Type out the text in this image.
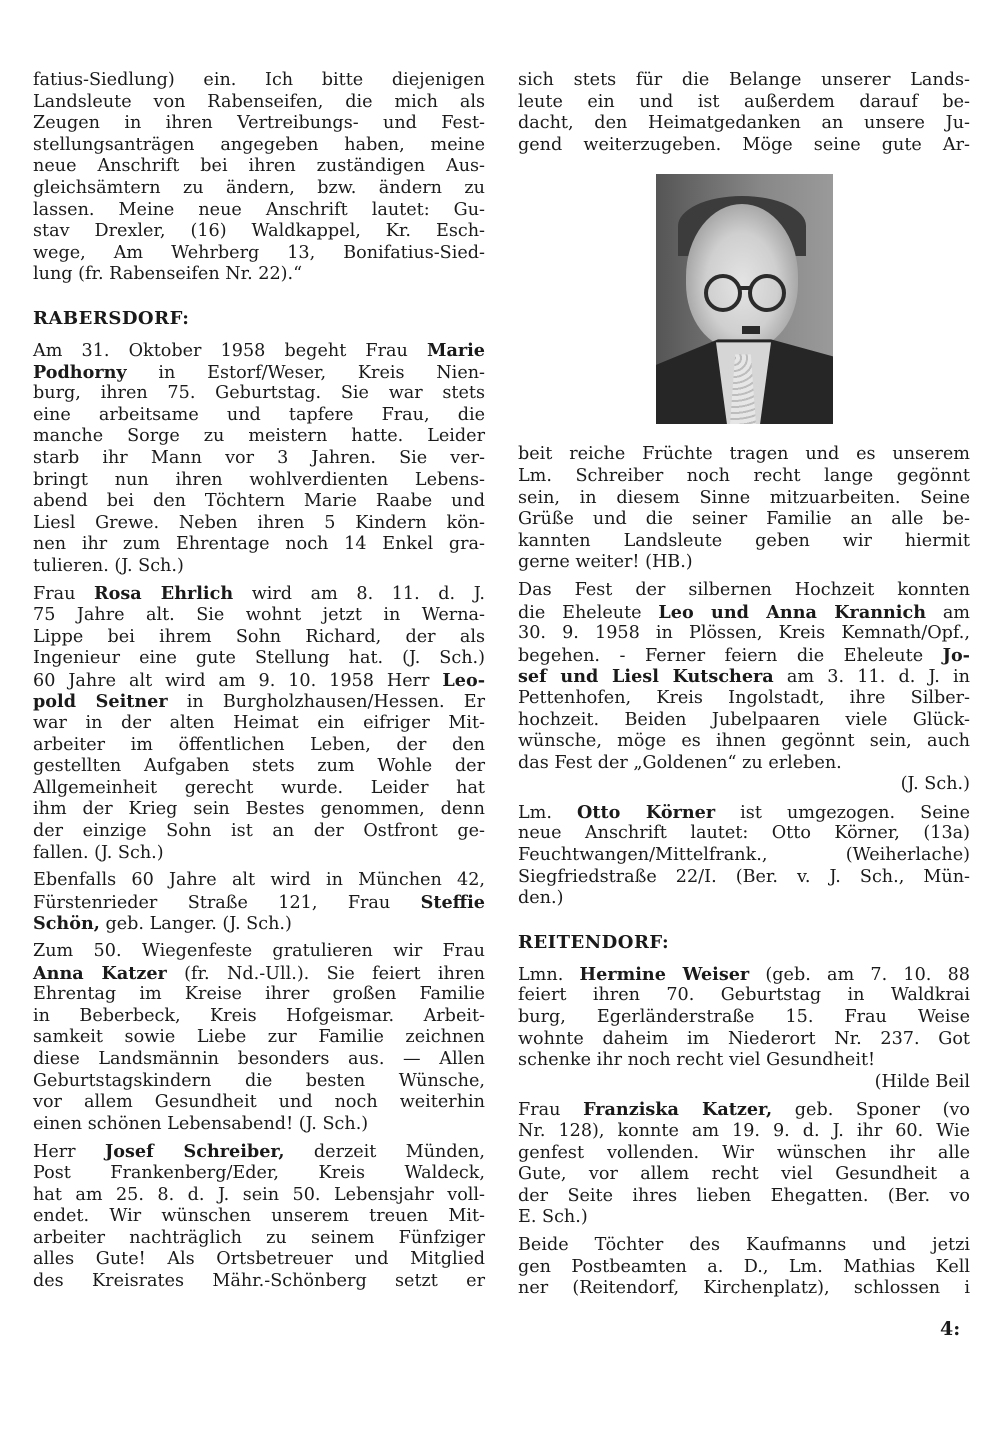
fatius-Siedlung) ein. Ich bitte diejenigen
Landsleute von Rabenseifen, die mich als
Zeugen in ihren Vertreibungs- und Fest-
stellungsanträgen angegeben haben, meine
neue Anschrift bei ihren zuständigen Aus-
gleichsämtern zu ändern, bzw. ändern zu
lassen. Meine neue Anschrift lautet: Gu-
stav Drexler, (16) Waldkappel, Kr. Esch-
wege, Am Wehrberg 13, Bonifatius-Sied-
lung (fr. Rabenseifen Nr. 22).“
RABERSDORF:
Am 31. Oktober 1958 begeht Frau Marie
Podhorny in Estorf/Weser, Kreis Nien-
burg, ihren 75. Geburtstag. Sie war stets
eine arbeitsame und tapfere Frau, die
manche Sorge zu meistern hatte. Leider
starb ihr Mann vor 3 Jahren. Sie ver-
bringt nun ihren wohlverdienten Lebens-
abend bei den Töchtern Marie Raabe und
Liesl Grewe. Neben ihren 5 Kindern kön-
nen ihr zum Ehrentage noch 14 Enkel gra-
tulieren. (J. Sch.)
Frau Rosa Ehrlich wird am 8. 11. d. J.
75 Jahre alt. Sie wohnt jetzt in Werna-
Lippe bei ihrem Sohn Richard, der als
Ingenieur eine gute Stellung hat. (J. Sch.)
60 Jahre alt wird am 9. 10. 1958 Herr Leo-
pold Seitner in Burgholzhausen/Hessen. Er
war in der alten Heimat ein eifriger Mit-
arbeiter im öffentlichen Leben, der den
gestellten Aufgaben stets zum Wohle der
Allgemeinheit gerecht wurde. Leider hat
ihm der Krieg sein Bestes genommen, denn
der einzige Sohn ist an der Ostfront ge-
fallen. (J. Sch.)
Ebenfalls 60 Jahre alt wird in München 42,
Fürstenrieder Straße 121, Frau Steffie
Schön, geb. Langer. (J. Sch.)
Zum 50. Wiegenfeste gratulieren wir Frau
Anna Katzer (fr. Nd.-Ull.). Sie feiert ihren
Ehrentag im Kreise ihrer großen Familie
in Beberbeck, Kreis Hofgeismar. Arbeit-
samkeit sowie Liebe zur Familie zeichnen
diese Landsmännin besonders aus. — Allen
Geburtstagskindern die besten Wünsche,
vor allem Gesundheit und noch weiterhin
einen schönen Lebensabend! (J. Sch.)
Herr Josef Schreiber, derzeit Münden,
Post Frankenberg/Eder, Kreis Waldeck,
hat am 25. 8. d. J. sein 50. Lebensjahr voll-
endet. Wir wünschen unserem treuen Mit-
arbeiter nachträglich zu seinem Fünfziger
alles Gute! Als Ortsbetreuer und Mitglied
des Kreisrates Mähr.-Schönberg setzt er
sich stets für die Belange unserer Lands-
leute ein und ist außerdem darauf be-
dacht, den Heimatgedanken an unsere Ju-
gend weiterzugeben. Möge seine gute Ar-
beit reiche Früchte tragen und es unserem
Lm. Schreiber noch recht lange gegönnt
sein, in diesem Sinne mitzuarbeiten. Seine
Grüße und die seiner Familie an alle be-
kannten Landsleute geben wir hiermit
gerne weiter! (HB.)
Das Fest der silbernen Hochzeit konnten
die Eheleute Leo und Anna Krannich am
30. 9. 1958 in Plössen, Kreis Kemnath/Opf.,
begehen. - Ferner feiern die Eheleute Jo-
sef und Liesl Kutschera am 3. 11. d. J. in
Pettenhofen, Kreis Ingolstadt, ihre Silber-
hochzeit. Beiden Jubelpaaren viele Glück-
wünsche, möge es ihnen gegönnt sein, auch
das Fest der „Goldenen“ zu erleben.
(J. Sch.)
Lm. Otto Körner ist umgezogen. Seine
neue Anschrift lautet: Otto Körner, (13a)
Feuchtwangen/Mittelfrank., (Weiherlache)
Siegfriedstraße 22/I. (Ber. v. J. Sch., Mün-
den.)
REITENDORF:
Lmn. Hermine Weiser (geb. am 7. 10. 88
feiert ihren 70. Geburtstag in Waldkrai
burg, Egerländerstraße 15. Frau Weise
wohnte daheim im Niederort Nr. 237. Got
schenke ihr noch recht viel Gesundheit!
(Hilde Beil
Frau Franziska Katzer, geb. Sponer (vo
Nr. 128), konnte am 19. 9. d. J. ihr 60. Wie
genfest vollenden. Wir wünschen ihr alle
Gute, vor allem recht viel Gesundheit a
der Seite ihres lieben Ehegatten. (Ber. vo
E. Sch.)
Beide Töchter des Kaufmanns und jetzi
gen Postbeamten a. D., Lm. Mathias Kell
ner (Reitendorf, Kirchenplatz), schlossen i
4:
